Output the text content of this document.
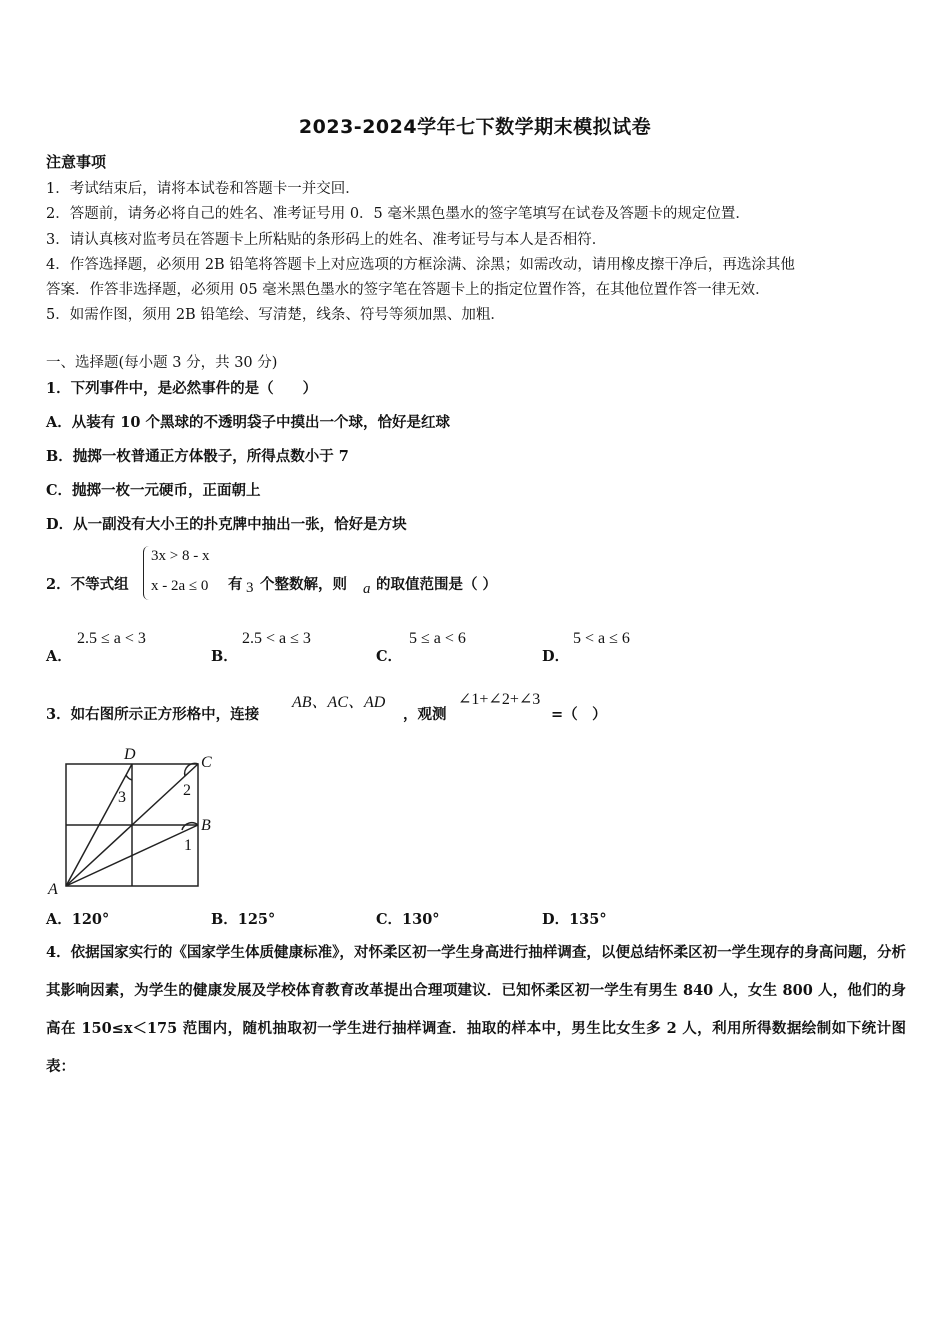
2023-2024学年七下数学期末模拟试卷
注意事项
1．考试结束后，请将本试卷和答题卡一并交回．
2．答题前，请务必将自己的姓名、准考证号用 0．5 毫米黑色墨水的签字笔填写在试卷及答题卡的规定位置．
3．请认真核对监考员在答题卡上所粘贴的条形码上的姓名、准考证号与本人是否相符．
4．作答选择题，必须用 2B 铅笔将答题卡上对应选项的方框涂满、涂黑；如需改动，请用橡皮擦干净后，再选涂其他
答案．作答非选择题，必须用 05 毫米黑色墨水的签字笔在答题卡上的指定位置作答，在其他位置作答一律无效．
5．如需作图，须用 2B 铅笔绘、写清楚，线条、符号等须加黑、加粗．
一、选择题(每小题 3 分，共 30 分)
1．下列事件中，是必然事件的是（　　）
A．从装有 10 个黑球的不透明袋子中摸出一个球，恰好是红球
B．抛掷一枚普通正方体骰子，所得点数小于 7
C．抛掷一枚一元硬币，正面朝上
D．从一副没有大小王的扑克牌中抽出一张，恰好是方块
2．不等式组
3x > 8 - x
x - 2a ≤ 0 有 3 个整数解，则 a 的取值范围是（ ）
A．
2.5 ≤ a < 3
B．
2.5 < a ≤ 3
C．
5 ≤ a < 6
D．
5 < a ≤ 6
3．如右图所示正方形格中，连接
AB、AC、AD
，观测
∠1+∠2+∠3
=（　）
A
B
C
D
1
2
3
A．120°	B．125°	C．130°	D．135°
4．依据国家实行的《国家学生体质健康标准》，对怀柔区初一学生身高进行抽样调查，以便总结怀柔区初一学生现存的身高问题，分析其影响因素，为学生的健康发展及学校体育教育改革提出合理项建议．已知怀柔区初一学生有男生 840 人，女生 800 人，他们的身高在 150≤x＜175 范围内，随机抽取初一学生进行抽样调查．抽取的样本中，男生比女生多 2 人，利用所得数据绘制如下统计图表：
